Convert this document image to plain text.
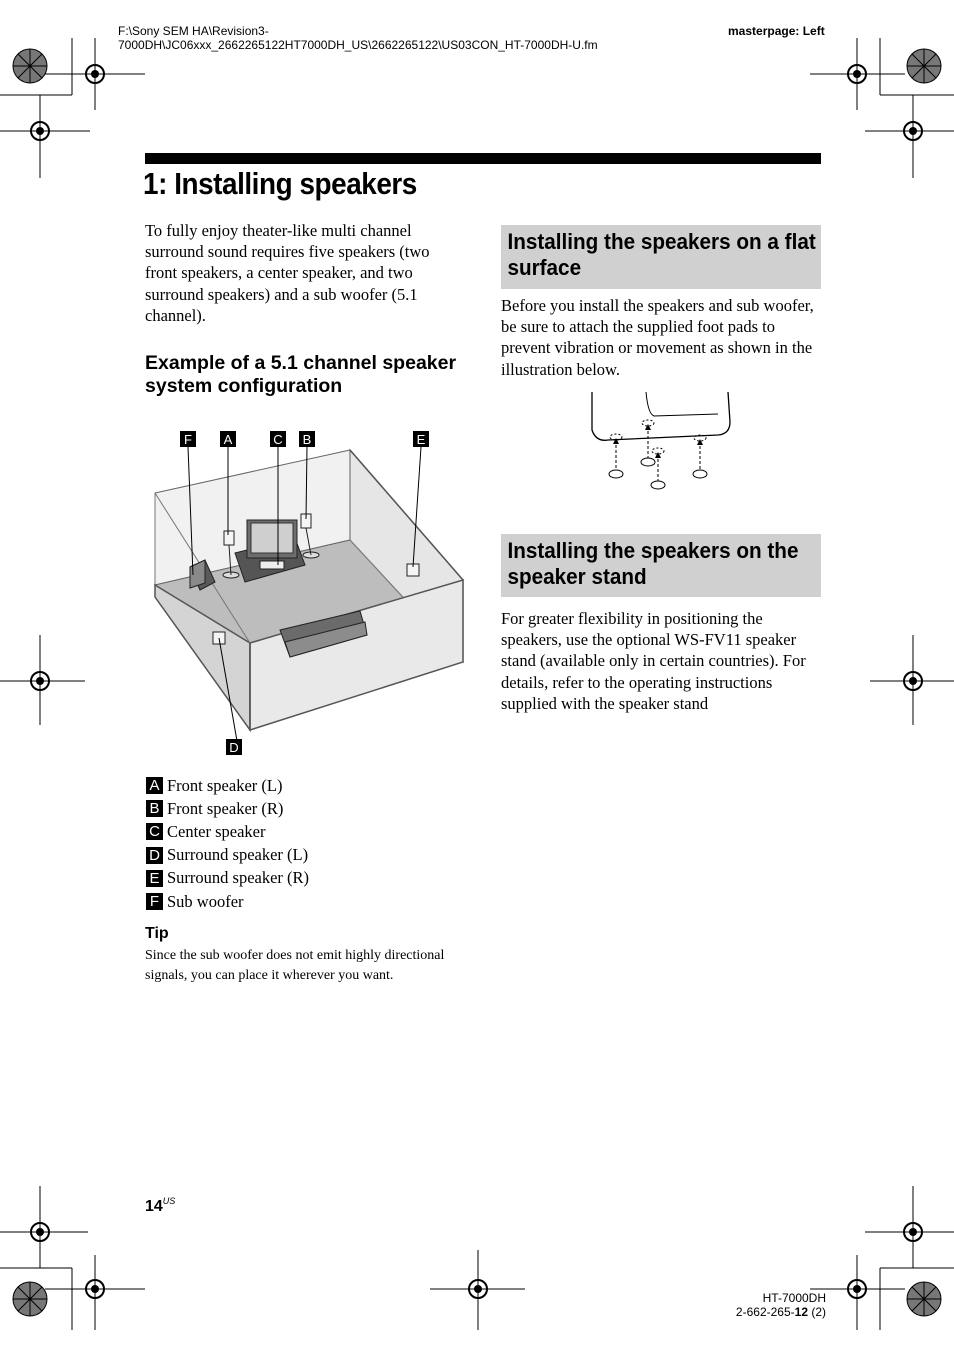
F:\Sony SEM HA\Revision3-
7000DH\JC06xxx_2662265122HT7000DH_US\2662265122\US03CON_HT-7000DH-U.fm
masterpage: Left
1: Installing speakers
To fully enjoy theater-like multi channel surround sound requires five speakers (two front speakers, a center speaker, and two surround speakers) and a sub woofer (5.1 channel).
Example of a 5.1 channel speaker system configuration
F A	C B	E
D
A Front speaker (L)
B Front speaker (R)
C Center speaker
D Surround speaker (L)
E Surround speaker (R)
F Sub woofer
Tip
Since the sub woofer does not emit highly directional signals, you can place it wherever you want.
Installing the speakers on a flat surface
Before you install the speakers and sub woofer, be sure to attach the supplied foot pads to prevent vibration or movement as shown in the illustration below.
Installing the speakers on the speaker stand
For greater flexibility in positioning the speakers, use the optional WS-FV11 speaker stand (available only in certain countries). For details, refer to the operating instructions supplied with the speaker stand
$14^{US}$
HT-7000DH
2-662-265-12 (2)
